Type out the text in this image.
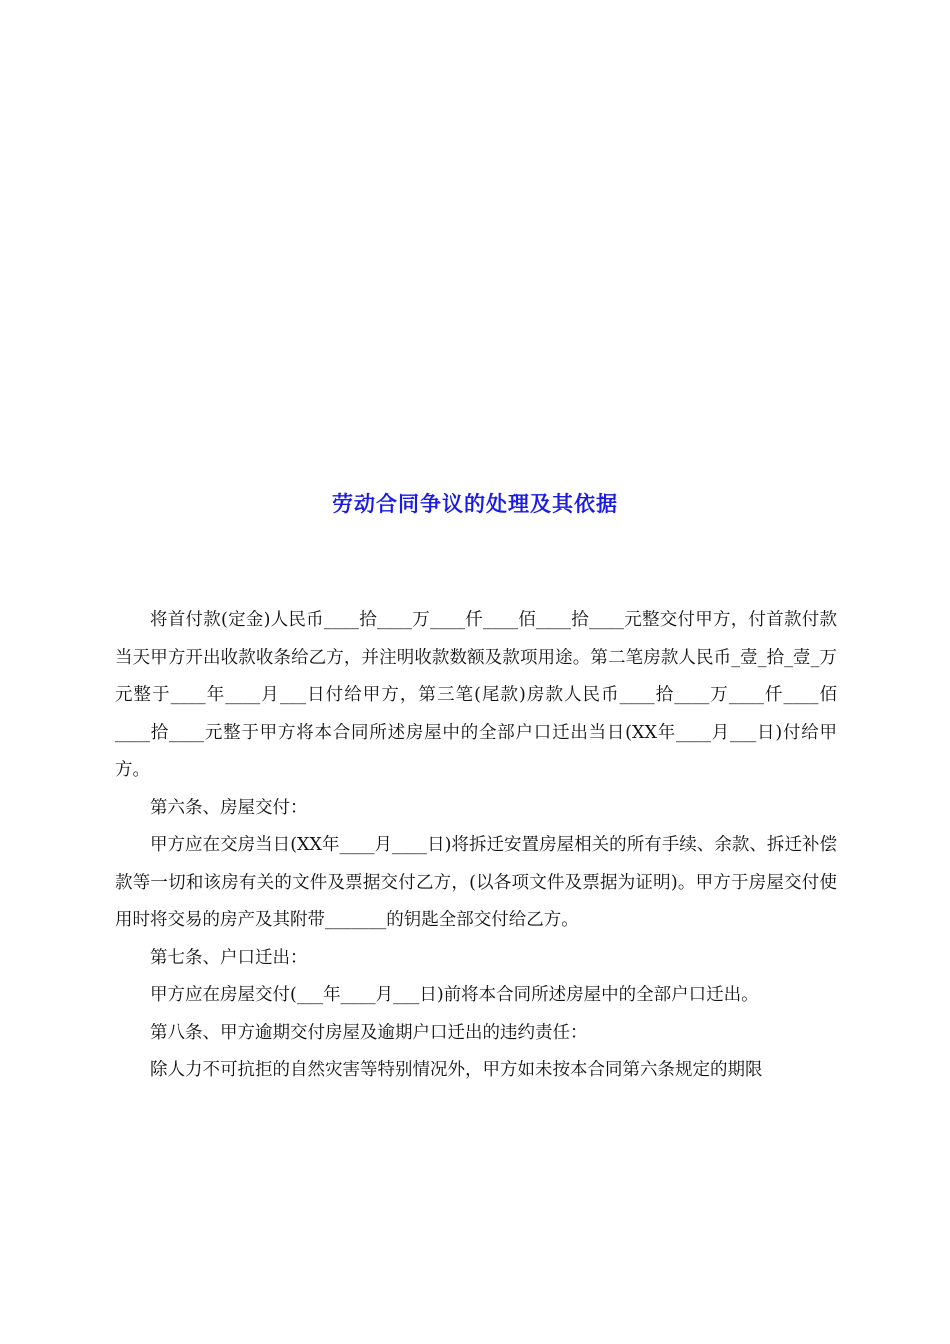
劳动合同争议的处理及其依据

将首付款(定金)人民币____拾____万____仟____佰____拾____元整交付甲方，付首款付款当天甲方开出收款收条给乙方，并注明收款数额及款项用途。第二笔房款人民币_壹_拾_壹_万元整于____年____月___日付给甲方，第三笔(尾款)房款人民币____拾____万____仟____佰____拾____元整于甲方将本合同所述房屋中的全部户口迁出当日(XX年____月___日)付给甲方。

第六条、房屋交付：

甲方应在交房当日(XX年____月____日)将拆迁安置房屋相关的所有手续、余款、拆迁补偿款等一切和该房有关的文件及票据交付乙方，(以各项文件及票据为证明)。甲方于房屋交付使用时将交易的房产及其附带_______的钥匙全部交付给乙方。

第七条、户口迁出：

甲方应在房屋交付(___年____月___日)前将本合同所述房屋中的全部户口迁出。

第八条、甲方逾期交付房屋及逾期户口迁出的违约责任：

除人力不可抗拒的自然灾害等特别情况外，甲方如未按本合同第六条规定的期限
